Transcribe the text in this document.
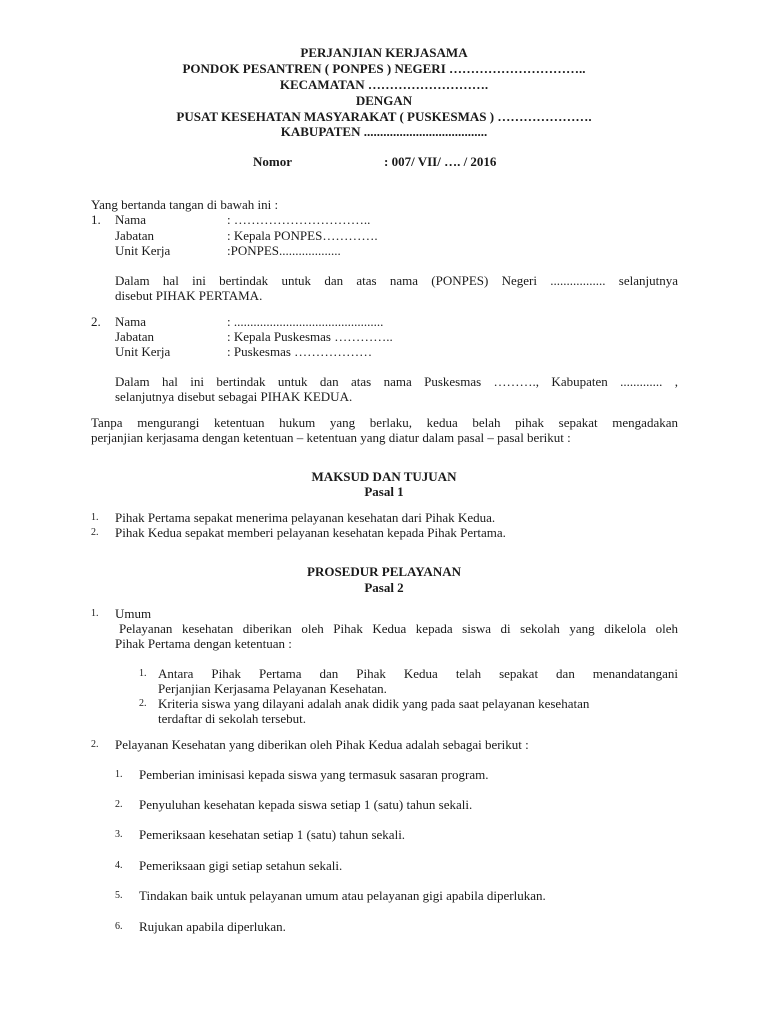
PERJANJIAN KERJASAMA
PONDOK PESANTREN ( PONPES ) NEGERI …………………………..
KECAMATAN ……………………….
DENGAN
PUSAT KESEHATAN MASYARAKAT ( PUSKESMAS ) ………………….
KABUPATEN ......................................
Nomor	: 007/ VII/ …. / 2016
Yang bertanda tangan di bawah ini :
1. Nama	: …………………………..
Jabatan	: Kepala PONPES………….
Unit Kerja	:PONPES...................
Dalam hal ini bertindak untuk dan atas nama (PONPES) Negeri ................. selanjutnya
disebut PIHAK PERTAMA.
2. Nama	: ..............................................
Jabatan	: Kepala Puskesmas …………..
Unit Kerja	: Puskesmas ………………
Dalam hal ini bertindak untuk dan atas nama Puskesmas ………., Kabupaten ............. ,
selanjutnya disebut sebagai PIHAK KEDUA.
Tanpa mengurangi ketentuan hukum yang berlaku, kedua belah pihak sepakat mengadakan
perjanjian kerjasama dengan ketentuan – ketentuan yang diatur dalam pasal – pasal berikut :
MAKSUD DAN TUJUAN
Pasal 1
1. Pihak Pertama sepakat menerima pelayanan kesehatan dari Pihak Kedua.
2. Pihak Kedua sepakat memberi pelayanan kesehatan kepada Pihak Pertama.
PROSEDUR PELAYANAN
Pasal 2
1. Umum
Pelayanan kesehatan diberikan oleh Pihak Kedua kepada siswa di sekolah yang dikelola oleh
Pihak Pertama dengan ketentuan :
1. Antara Pihak Pertama dan Pihak Kedua telah sepakat dan menandatangani
Perjanjian Kerjasama Pelayanan Kesehatan.
2. Kriteria siswa yang dilayani adalah anak didik yang pada saat pelayanan kesehatan
terdaftar di sekolah tersebut.
2. Pelayanan Kesehatan yang diberikan oleh Pihak Kedua adalah sebagai berikut :
1. Pemberian iminisasi kepada siswa yang termasuk sasaran program.
2. Penyuluhan kesehatan kepada siswa setiap 1 (satu) tahun sekali.
3. Pemeriksaan kesehatan setiap 1 (satu) tahun sekali.
4. Pemeriksaan gigi setiap setahun sekali.
5. Tindakan baik untuk pelayanan umum atau pelayanan gigi apabila diperlukan.
6. Rujukan apabila diperlukan.
